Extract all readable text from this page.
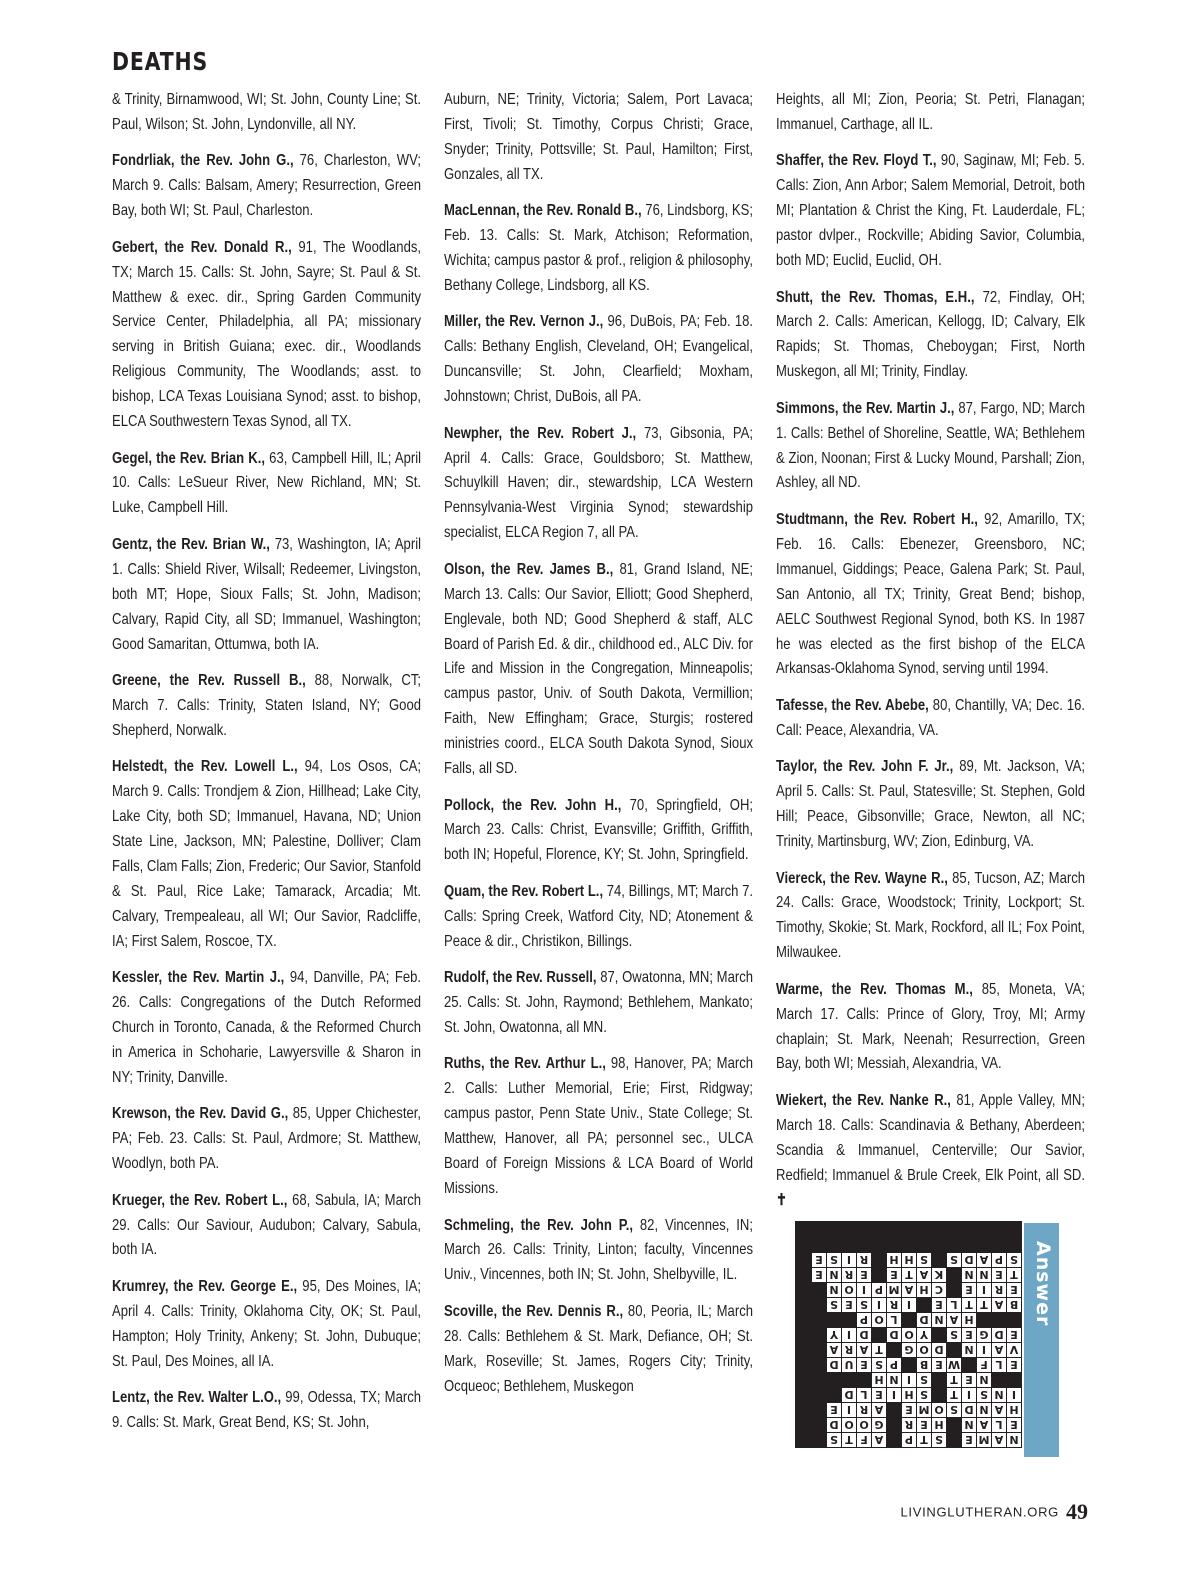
DEATHS

& Trinity, Birnamwood, WI; St. John, County Line; St. Paul, Wilson; St. John, Lyndonville, all NY.

Fondrliak, the Rev. John G., 76, Charleston, WV; March 9. Calls: Balsam, Amery; Resurrection, Green Bay, both WI; St. Paul, Charleston.

Gebert, the Rev. Donald R., 91, The Woodlands, TX; March 15. Calls: St. John, Sayre; St. Paul & St. Matthew & exec. dir., Spring Garden Community Service Center, Philadelphia, all PA; missionary serving in British Guiana; exec. dir., Woodlands Religious Community, The Woodlands; asst. to bishop, LCA Texas Louisiana Synod; asst. to bishop, ELCA Southwestern Texas Synod, all TX.

Gegel, the Rev. Brian K., 63, Campbell Hill, IL; April 10. Calls: LeSueur River, New Richland, MN; St. Luke, Campbell Hill.

Gentz, the Rev. Brian W., 73, Washington, IA; April 1. Calls: Shield River, Wilsall; Redeemer, Livingston, both MT; Hope, Sioux Falls; St. John, Madison; Calvary, Rapid City, all SD; Immanuel, Washington; Good Samaritan, Ottumwa, both IA.

Greene, the Rev. Russell B., 88, Norwalk, CT; March 7. Calls: Trinity, Staten Island, NY; Good Shepherd, Norwalk.

Helstedt, the Rev. Lowell L., 94, Los Osos, CA; March 9. Calls: Trondjem & Zion, Hillhead; Lake City, Lake City, both SD; Immanuel, Havana, ND; Union State Line, Jackson, MN; Palestine, Dolliver; Clam Falls, Clam Falls; Zion, Frederic; Our Savior, Stanfold & St. Paul, Rice Lake; Tamarack, Arcadia; Mt. Calvary, Trempealeau, all WI; Our Savior, Radcliffe, IA; First Salem, Roscoe, TX.

Kessler, the Rev. Martin J., 94, Danville, PA; Feb. 26. Calls: Congregations of the Dutch Reformed Church in Toronto, Canada, & the Reformed Church in America in Schoharie, Lawyersville & Sharon in NY; Trinity, Danville.

Krewson, the Rev. David G., 85, Upper Chichester, PA; Feb. 23. Calls: St. Paul, Ardmore; St. Matthew, Woodlyn, both PA.

Krueger, the Rev. Robert L., 68, Sabula, IA; March 29. Calls: Our Saviour, Audubon; Calvary, Sabula, both IA.

Krumrey, the Rev. George E., 95, Des Moines, IA; April 4. Calls: Trinity, Oklahoma City, OK; St. Paul, Hampton; Holy Trinity, Ankeny; St. John, Dubuque; St. Paul, Des Moines, all IA.

Lentz, the Rev. Walter L.O., 99, Odessa, TX; March 9. Calls: St. Mark, Great Bend, KS; St. John,

Auburn, NE; Trinity, Victoria; Salem, Port Lavaca; First, Tivoli; St. Timothy, Corpus Christi; Grace, Snyder; Trinity, Pottsville; St. Paul, Hamilton; First, Gonzales, all TX.

MacLennan, the Rev. Ronald B., 76, Lindsborg, KS; Feb. 13. Calls: St. Mark, Atchison; Reformation, Wichita; campus pastor & prof., religion & philosophy, Bethany College, Lindsborg, all KS.

Miller, the Rev. Vernon J., 96, DuBois, PA; Feb. 18. Calls: Bethany English, Cleveland, OH; Evangelical, Duncansville; St. John, Clearfield; Moxham, Johnstown; Christ, DuBois, all PA.

Newpher, the Rev. Robert J., 73, Gibsonia, PA; April 4. Calls: Grace, Gouldsboro; St. Matthew, Schuylkill Haven; dir., stewardship, LCA Western Pennsylvania-West Virginia Synod; stewardship specialist, ELCA Region 7, all PA.

Olson, the Rev. James B., 81, Grand Island, NE; March 13. Calls: Our Savior, Elliott; Good Shepherd, Englevale, both ND; Good Shepherd & staff, ALC Board of Parish Ed. & dir., childhood ed., ALC Div. for Life and Mission in the Congregation, Minneapolis; campus pastor, Univ. of South Dakota, Vermillion; Faith, New Effingham; Grace, Sturgis; rostered ministries coord., ELCA South Dakota Synod, Sioux Falls, all SD.

Pollock, the Rev. John H., 70, Springfield, OH; March 23. Calls: Christ, Evansville; Griffith, Griffith, both IN; Hopeful, Florence, KY; St. John, Springfield.

Quam, the Rev. Robert L., 74, Billings, MT; March 7. Calls: Spring Creek, Watford City, ND; Atonement & Peace & dir., Christikon, Billings.

Rudolf, the Rev. Russell, 87, Owatonna, MN; March 25. Calls: St. John, Raymond; Bethlehem, Mankato; St. John, Owatonna, all MN.

Ruths, the Rev. Arthur L., 98, Hanover, PA; March 2. Calls: Luther Memorial, Erie; First, Ridgway; campus pastor, Penn State Univ., State College; St. Matthew, Hanover, all PA; personnel sec., ULCA Board of Foreign Missions & LCA Board of World Missions.

Schmeling, the Rev. John P., 82, Vincennes, IN; March 26. Calls: Trinity, Linton; faculty, Vincennes Univ., Vincennes, both IN; St. John, Shelbyville, IL.

Scoville, the Rev. Dennis R., 80, Peoria, IL; March 28. Calls: Bethlehem & St. Mark, Defiance, OH; St. Mark, Roseville; St. James, Rogers City; Trinity, Ocqueoc; Bethlehem, Muskegon

Heights, all MI; Zion, Peoria; St. Petri, Flanagan; Immanuel, Carthage, all IL.

Shaffer, the Rev. Floyd T., 90, Saginaw, MI; Feb. 5. Calls: Zion, Ann Arbor; Salem Memorial, Detroit, both MI; Plantation & Christ the King, Ft. Lauderdale, FL; pastor dvlper., Rockville; Abiding Savior, Columbia, both MD; Euclid, Euclid, OH.

Shutt, the Rev. Thomas, E.H., 72, Findlay, OH; March 2. Calls: American, Kellogg, ID; Calvary, Elk Rapids; St. Thomas, Cheboygan; First, North Muskegon, all MI; Trinity, Findlay.

Simmons, the Rev. Martin J., 87, Fargo, ND; March 1. Calls: Bethel of Shoreline, Seattle, WA; Bethlehem & Zion, Noonan; First & Lucky Mound, Parshall; Zion, Ashley, all ND.

Studtmann, the Rev. Robert H., 92, Amarillo, TX; Feb. 16. Calls: Ebenezer, Greensboro, NC; Immanuel, Giddings; Peace, Galena Park; St. Paul, San Antonio, all TX; Trinity, Great Bend; bishop, AELC Southwest Regional Synod, both KS. In 1987 he was elected as the first bishop of the ELCA Arkansas-Oklahoma Synod, serving until 1994.

Tafesse, the Rev. Abebe, 80, Chantilly, VA; Dec. 16. Call: Peace, Alexandria, VA.

Taylor, the Rev. John F. Jr., 89, Mt. Jackson, VA; April 5. Calls: St. Paul, Statesville; St. Stephen, Gold Hill; Peace, Gibsonville; Grace, Newton, all NC; Trinity, Martinsburg, WV; Zion, Edinburg, VA.

Viereck, the Rev. Wayne R., 85, Tucson, AZ; March 24. Calls: Grace, Woodstock; Trinity, Lockport; St. Timothy, Skokie; St. Mark, Rockford, all IL; Fox Point, Milwaukee.

Warme, the Rev. Thomas M., 85, Moneta, VA; March 17. Calls: Prince of Glory, Troy, MI; Army chaplain; St. Mark, Neenah; Resurrection, Green Bay, both WI; Messiah, Alexandria, VA.

Wiekert, the Rev. Nanke R., 81, Apple Valley, MN; March 18. Calls: Scandinavia & Bethany, Aberdeen; Scandia & Immanuel, Centerville; Our Savior, Redfield; Immanuel & Brule Creek, Elk Point, all SD. ✝

N
A
M
E
S
T
P
A
F
T
S
E
L
A
N
H
E
R
G
O
O
D
H
A
N
D
S
O
M
E
A
R
I
E
I
N
S
I
T
S
H
I
E
L
D
N
E
T
S
I
N
H
E
L
F
W
E
B
P
S
E
U
D
V
A
I
N
D
O
G
T
A
R
A
E
D
G
E
S
Y
O
D
D
I
Y
H
A
N
D
L
O
P
B
A
T
T
L
E
I
R
I
S
E
S
E
R
I
E
C
H
A
M
P
I
O
N
T
E
N
N
K
A
T
E
E
R
N
E
S
P
A
D
S
S
H
H
R
I
S
E	Answer
LIVINGLUTHERAN.ORG 49
